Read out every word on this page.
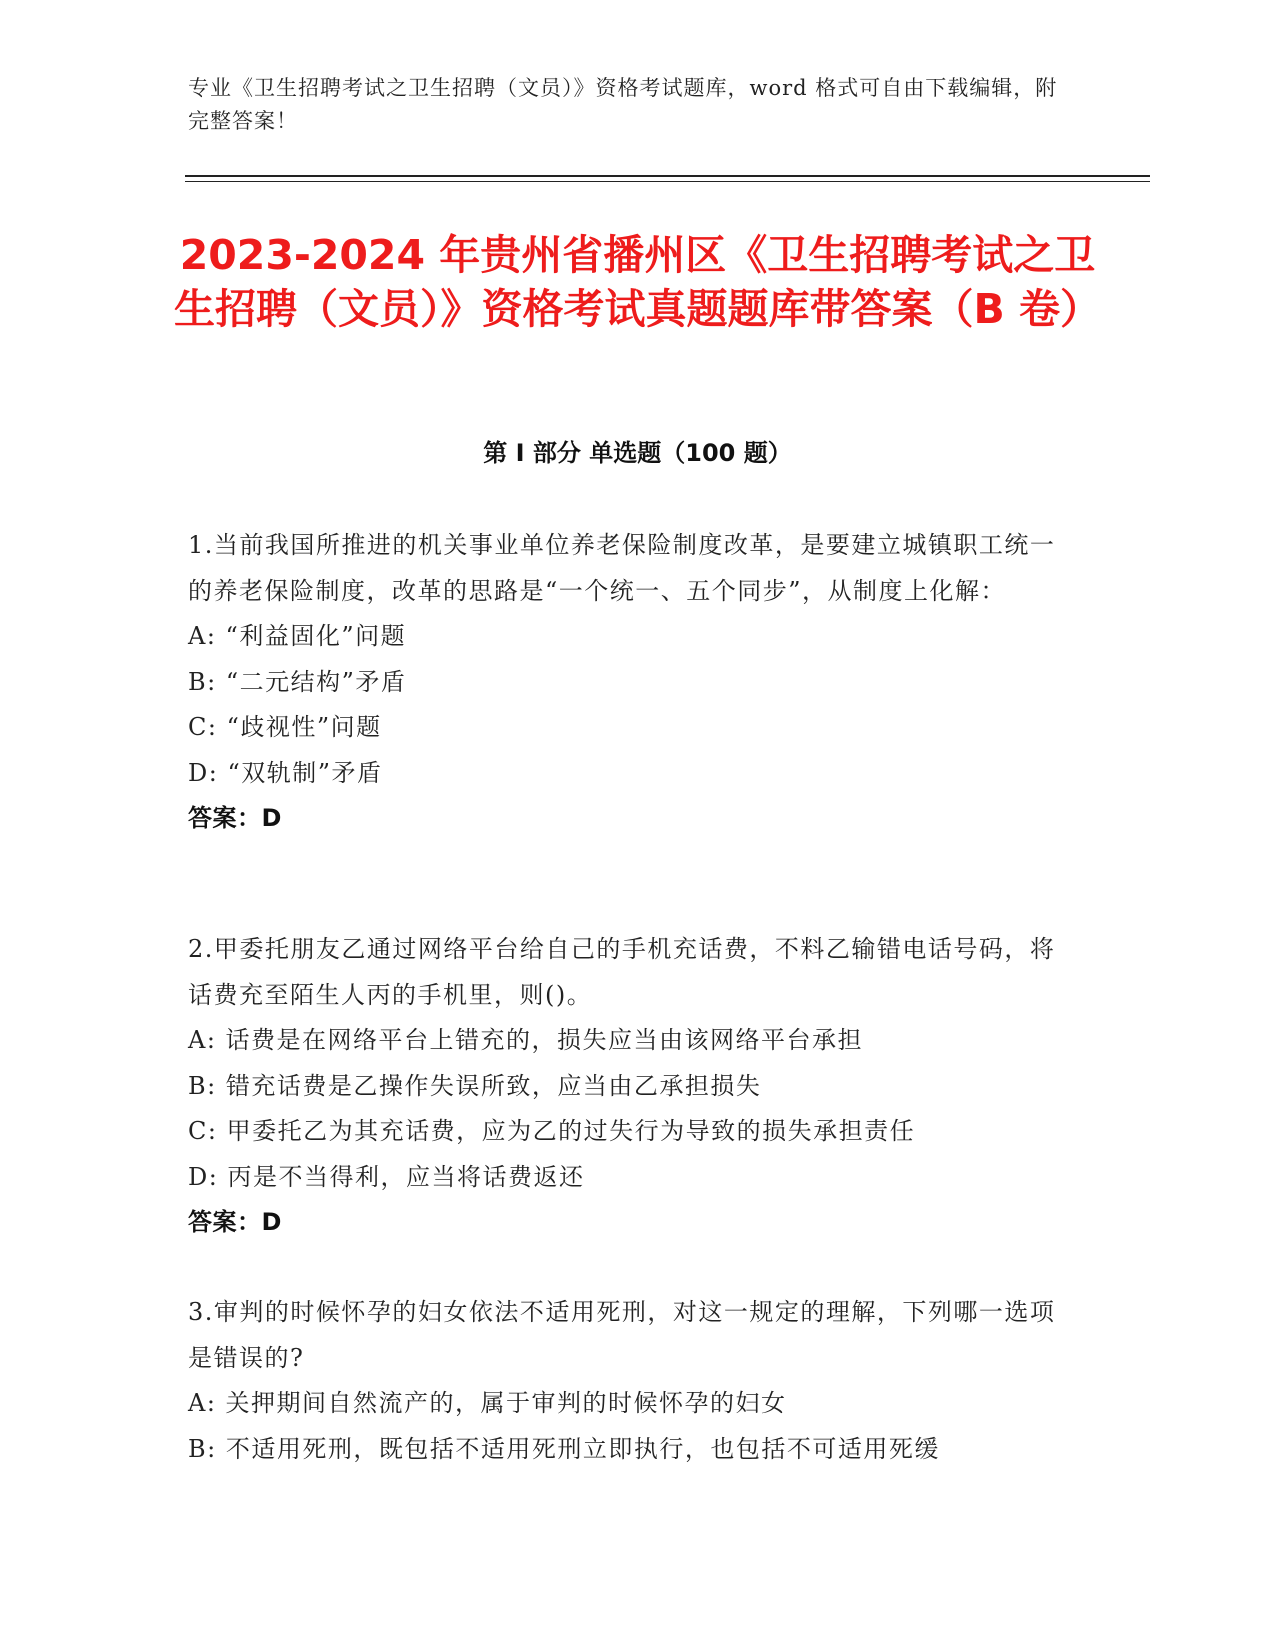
专业《卫生招聘考试之卫生招聘（文员）》资格考试题库，word 格式可自由下载编辑，附完整答案！
2023-2024 年贵州省播州区《卫生招聘考试之卫生招聘（文员）》资格考试真题题库带答案（B 卷）
第 I 部分 单选题（100 题）
1.当前我国所推进的机关事业单位养老保险制度改革，是要建立城镇职工统一的养老保险制度，改革的思路是“一个统一、五个同步”，从制度上化解：
A: “利益固化”问题
B: “二元结构”矛盾
C: “歧视性”问题
D: “双轨制”矛盾
答案：D
2.甲委托朋友乙通过网络平台给自己的手机充话费，不料乙输错电话号码，将话费充至陌生人丙的手机里，则()。
A: 话费是在网络平台上错充的，损失应当由该网络平台承担
B: 错充话费是乙操作失误所致，应当由乙承担损失
C: 甲委托乙为其充话费，应为乙的过失行为导致的损失承担责任
D: 丙是不当得利，应当将话费返还
答案：D
3.审判的时候怀孕的妇女依法不适用死刑，对这一规定的理解，下列哪一选项是错误的?
A: 关押期间自然流产的，属于审判的时候怀孕的妇女
B: 不适用死刑，既包括不适用死刑立即执行，也包括不可适用死缓
